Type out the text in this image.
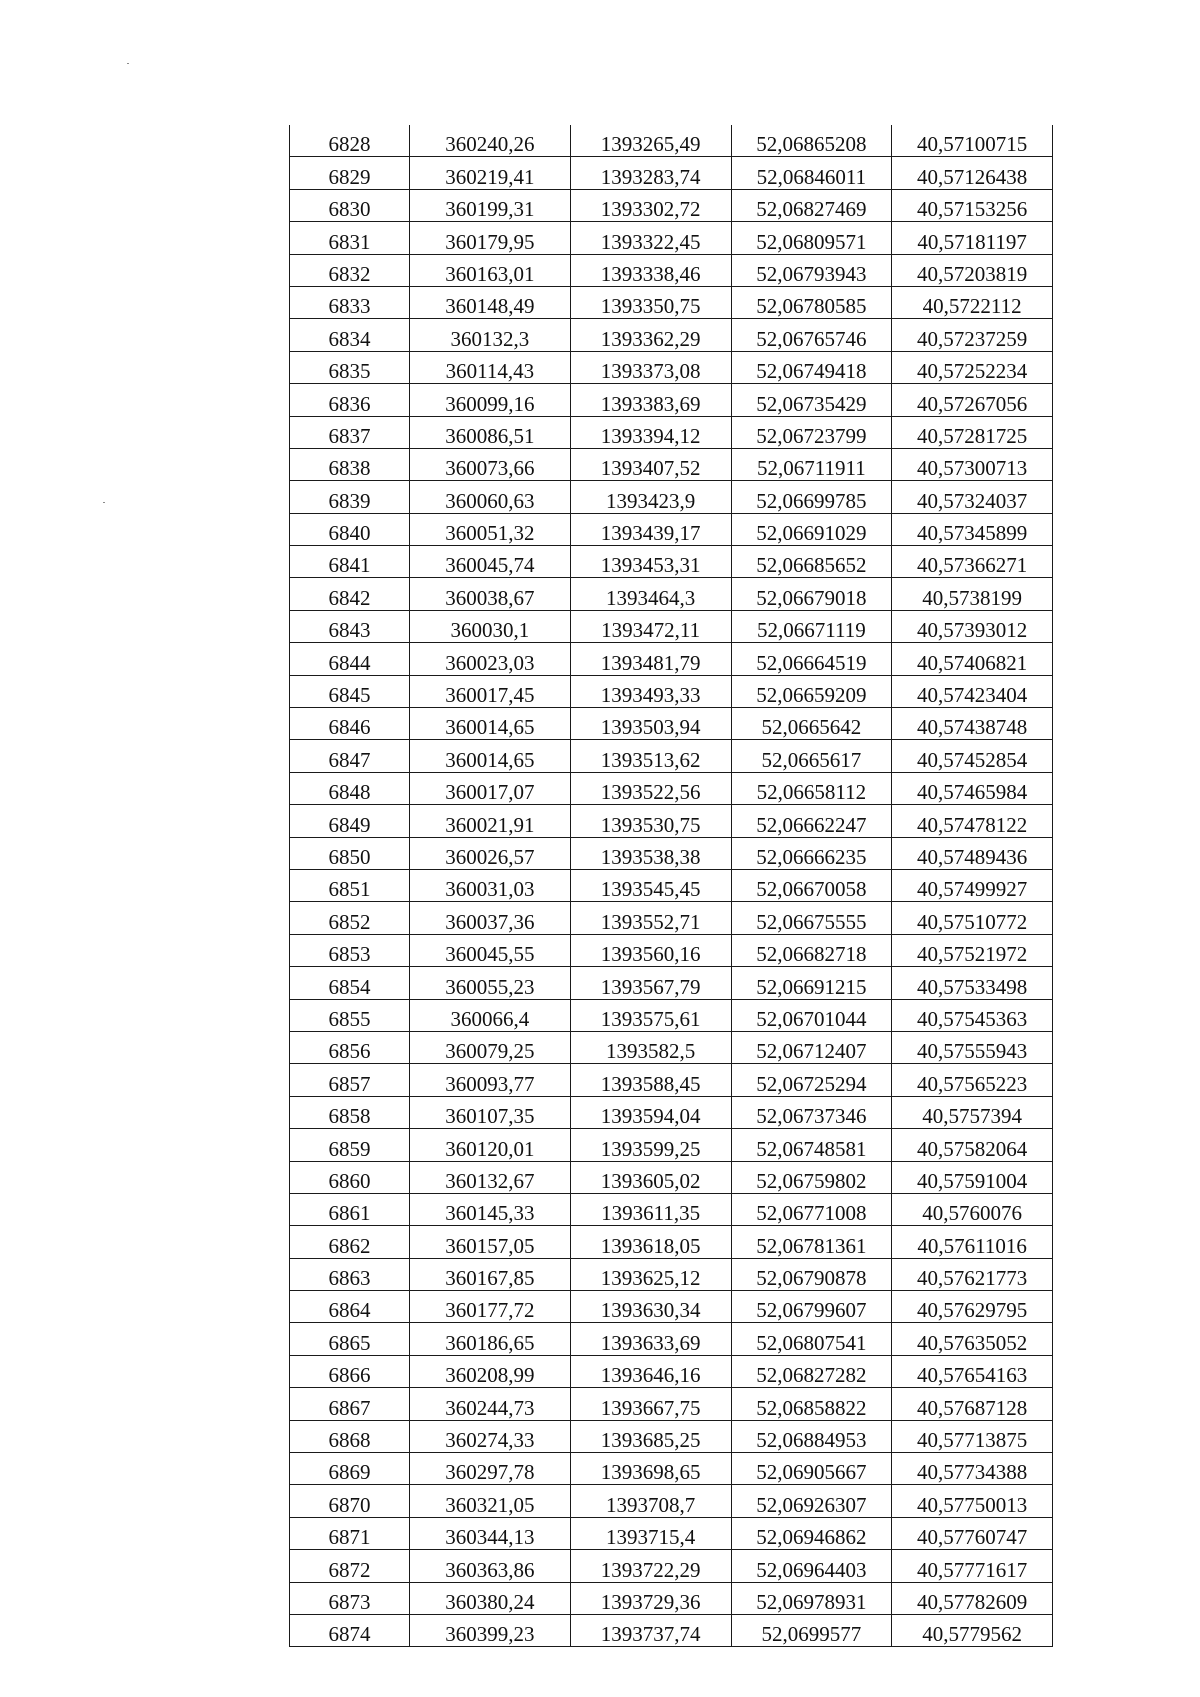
6828	360240,26	1393265,49	52,06865208	40,57100715
6829	360219,41	1393283,74	52,06846011	40,57126438
6830	360199,31	1393302,72	52,06827469	40,57153256
6831	360179,95	1393322,45	52,06809571	40,57181197
6832	360163,01	1393338,46	52,06793943	40,57203819
6833	360148,49	1393350,75	52,06780585	40,5722112
6834	360132,3	1393362,29	52,06765746	40,57237259
6835	360114,43	1393373,08	52,06749418	40,57252234
6836	360099,16	1393383,69	52,06735429	40,57267056
6837	360086,51	1393394,12	52,06723799	40,57281725
6838	360073,66	1393407,52	52,06711911	40,57300713
6839	360060,63	1393423,9	52,06699785	40,57324037
6840	360051,32	1393439,17	52,06691029	40,57345899
6841	360045,74	1393453,31	52,06685652	40,57366271
6842	360038,67	1393464,3	52,06679018	40,5738199
6843	360030,1	1393472,11	52,06671119	40,57393012
6844	360023,03	1393481,79	52,06664519	40,57406821
6845	360017,45	1393493,33	52,06659209	40,57423404
6846	360014,65	1393503,94	52,0665642	40,57438748
6847	360014,65	1393513,62	52,0665617	40,57452854
6848	360017,07	1393522,56	52,06658112	40,57465984
6849	360021,91	1393530,75	52,06662247	40,57478122
6850	360026,57	1393538,38	52,06666235	40,57489436
6851	360031,03	1393545,45	52,06670058	40,57499927
6852	360037,36	1393552,71	52,06675555	40,57510772
6853	360045,55	1393560,16	52,06682718	40,57521972
6854	360055,23	1393567,79	52,06691215	40,57533498
6855	360066,4	1393575,61	52,06701044	40,57545363
6856	360079,25	1393582,5	52,06712407	40,57555943
6857	360093,77	1393588,45	52,06725294	40,57565223
6858	360107,35	1393594,04	52,06737346	40,5757394
6859	360120,01	1393599,25	52,06748581	40,57582064
6860	360132,67	1393605,02	52,06759802	40,57591004
6861	360145,33	1393611,35	52,06771008	40,5760076
6862	360157,05	1393618,05	52,06781361	40,57611016
6863	360167,85	1393625,12	52,06790878	40,57621773
6864	360177,72	1393630,34	52,06799607	40,57629795
6865	360186,65	1393633,69	52,06807541	40,57635052
6866	360208,99	1393646,16	52,06827282	40,57654163
6867	360244,73	1393667,75	52,06858822	40,57687128
6868	360274,33	1393685,25	52,06884953	40,57713875
6869	360297,78	1393698,65	52,06905667	40,57734388
6870	360321,05	1393708,7	52,06926307	40,57750013
6871	360344,13	1393715,4	52,06946862	40,57760747
6872	360363,86	1393722,29	52,06964403	40,57771617
6873	360380,24	1393729,36	52,06978931	40,57782609
6874	360399,23	1393737,74	52,0699577	40,5779562
